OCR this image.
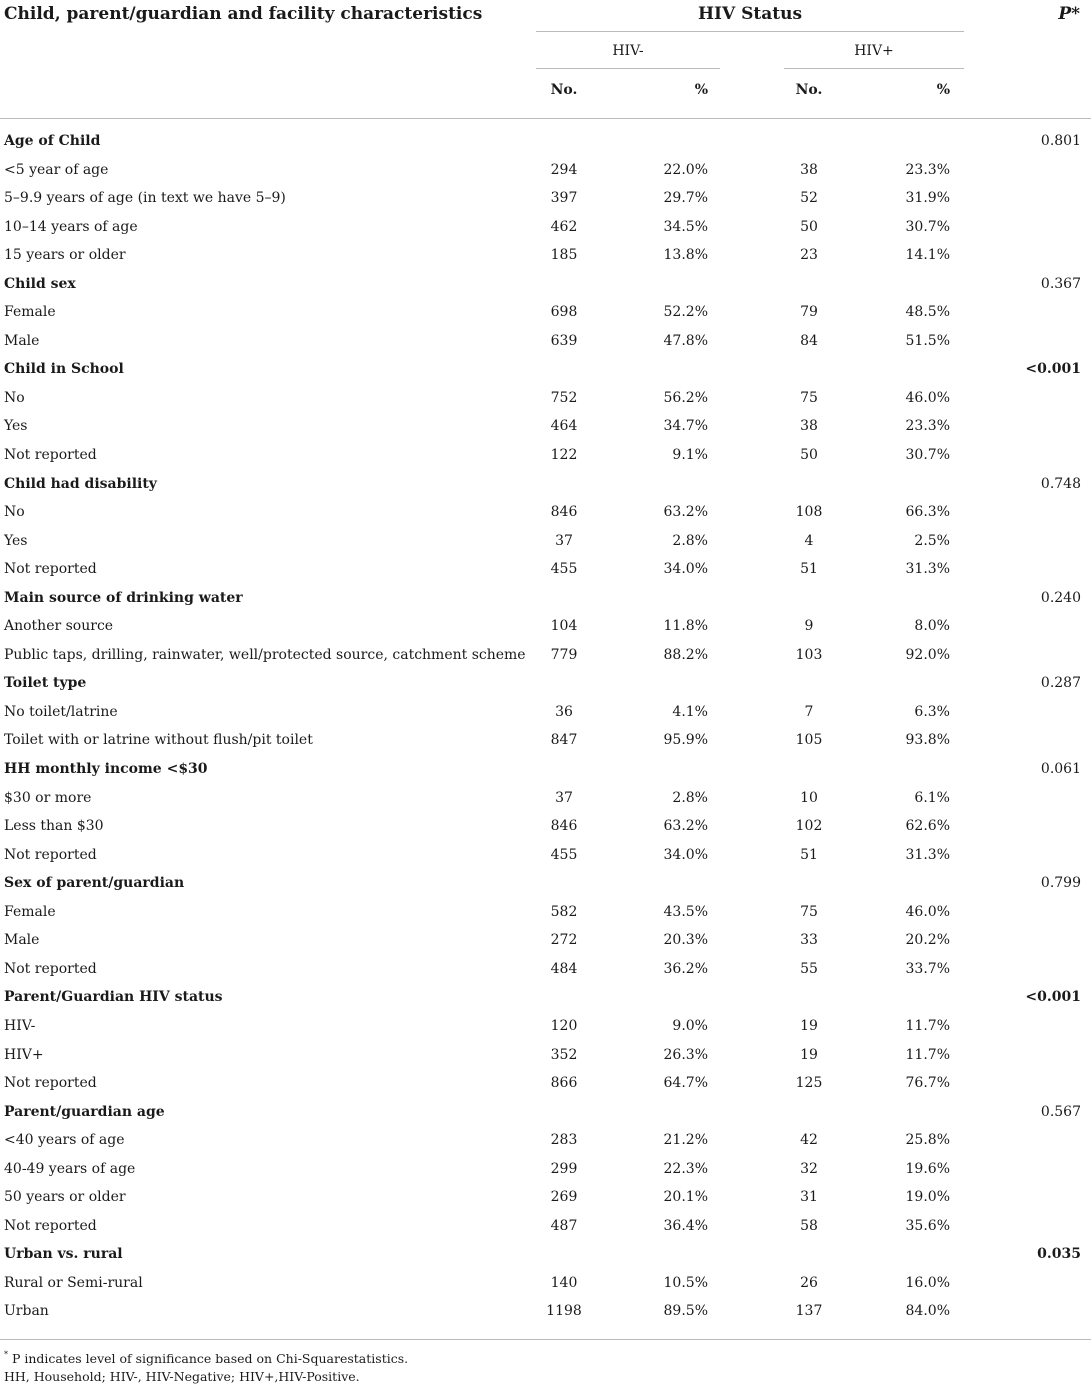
Child, parent/guardian and facility characteristics	HIV Status	P*
HIV-	HIV+
No.	%	No.	%
Age of Child	0.801
<5 year of age	294	22.0%	38	23.3%
5–9.9 years of age (in text we have 5–9)	397	29.7%	52	31.9%
10–14 years of age	462	34.5%	50	30.7%
15 years or older	185	13.8%	23	14.1%
Child sex	0.367
Female	698	52.2%	79	48.5%
Male	639	47.8%	84	51.5%
Child in School	<0.001
No	752	56.2%	75	46.0%
Yes	464	34.7%	38	23.3%
Not reported	122	9.1%	50	30.7%
Child had disability	0.748
No	846	63.2%	108	66.3%
Yes	37	2.8%	4	2.5%
Not reported	455	34.0%	51	31.3%
Main source of drinking water	0.240
Another source	104	11.8%	9	8.0%
Public taps, drilling, rainwater, well/protected source, catchment scheme	779	88.2%	103	92.0%
Toilet type	0.287
No toilet/latrine	36	4.1%	7	6.3%
Toilet with or latrine without flush/pit toilet	847	95.9%	105	93.8%
HH monthly income <$30	0.061
$30 or more	37	2.8%	10	6.1%
Less than $30	846	63.2%	102	62.6%
Not reported	455	34.0%	51	31.3%
Sex of parent/guardian	0.799
Female	582	43.5%	75	46.0%
Male	272	20.3%	33	20.2%
Not reported	484	36.2%	55	33.7%
Parent/Guardian HIV status	<0.001
HIV-	120	9.0%	19	11.7%
HIV+	352	26.3%	19	11.7%
Not reported	866	64.7%	125	76.7%
Parent/guardian age	0.567
<40 years of age	283	21.2%	42	25.8%
40-49 years of age	299	22.3%	32	19.6%
50 years or older	269	20.1%	31	19.0%
Not reported	487	36.4%	58	35.6%
Urban vs. rural	0.035
Rural or Semi-rural	140	10.5%	26	16.0%
Urban	1198	89.5%	137	84.0%
* P indicates level of significance based on Chi-Squarestatistics.
HH, Household; HIV-, HIV-Negative; HIV+,HIV-Positive.
